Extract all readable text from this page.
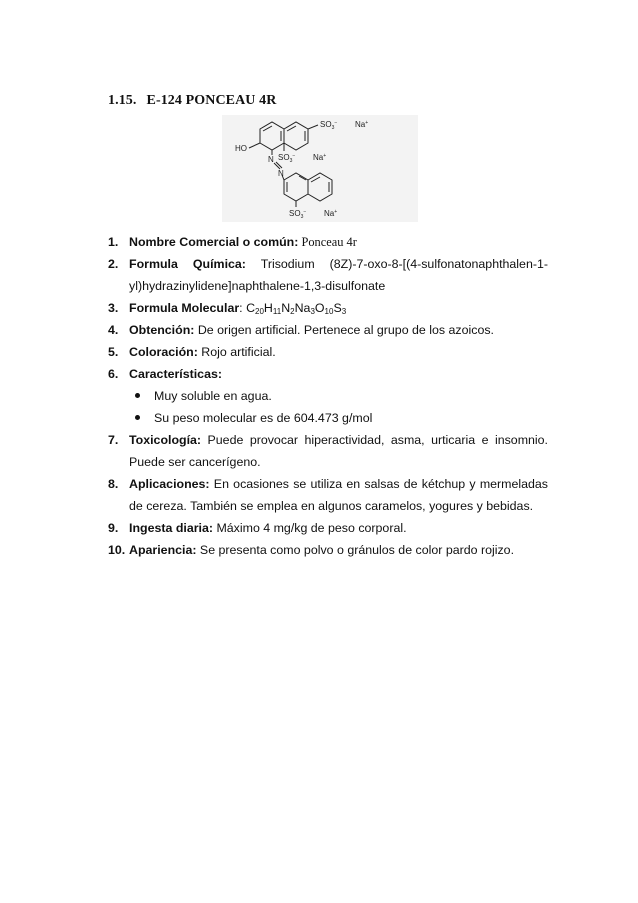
1.15. E-124 PONCEAU 4R
HO
N
N
$SO_3^-$ Na+
$SO_3^-$ Na+
$SO_3^-$ Na+
1. Nombre Comercial o común: Ponceau 4r
2. Formula Química: Trisodium (8Z)-7-oxo-8-[(4-sulfonatonaphthalen-1-yl)hydrazinylidene]naphthalene-1,3-disulfonate
3. Formula Molecular: $C_{20}H_{11}N_2Na_3O_{10}S_3$
4. Obtención: De origen artificial. Pertenece al grupo de los azoicos.
5. Coloración: Rojo artificial.
6. Características:
Muy soluble en agua.
Su peso molecular es de 604.473 g/mol
7. Toxicología: Puede provocar hiperactividad, asma, urticaria e insomnio. Puede ser cancerígeno.
8. Aplicaciones: En ocasiones se utiliza en salsas de kétchup y mermeladas de cereza. También se emplea en algunos caramelos, yogures y bebidas.
9. Ingesta diaria: Máximo 4 mg/kg de peso corporal.
10. Apariencia: Se presenta como polvo o gránulos de color pardo rojizo.
